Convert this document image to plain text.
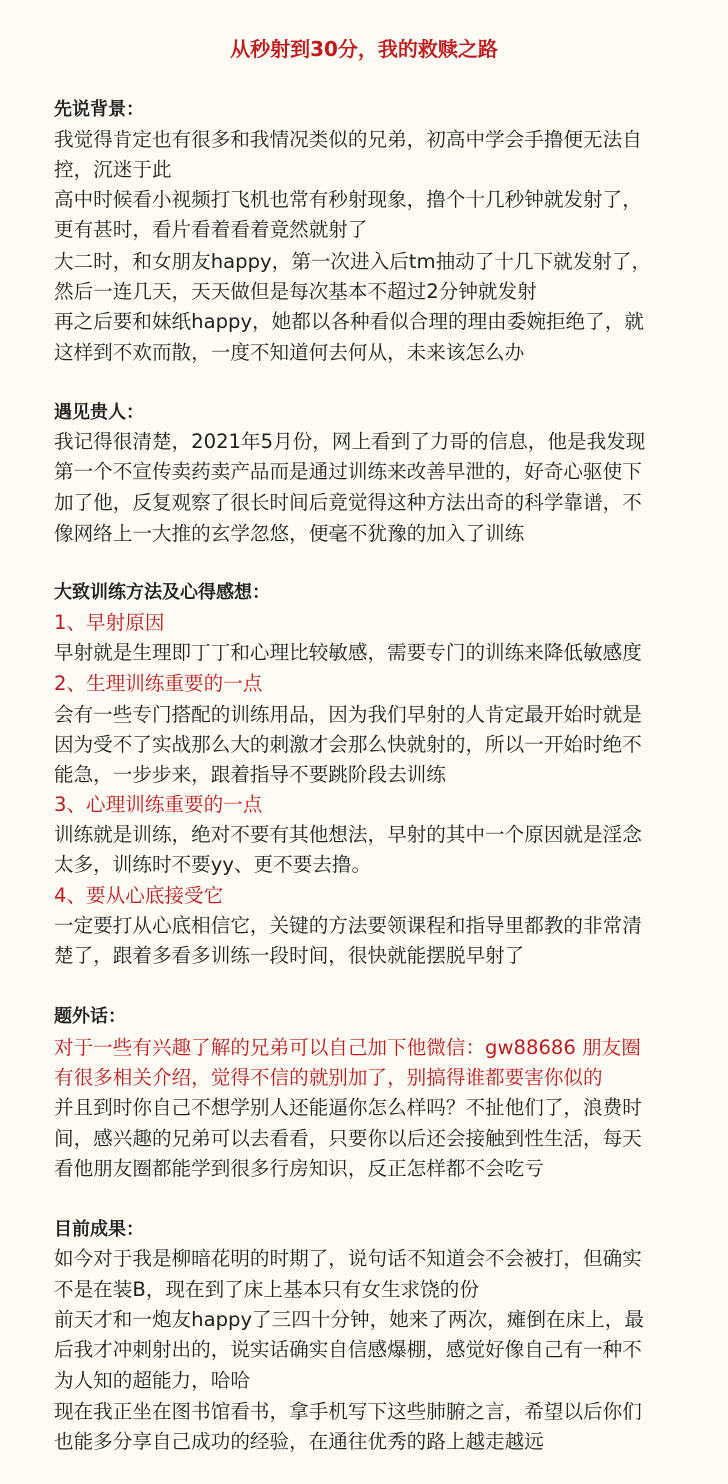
从秒射到30分，我的救赎之路
先说背景：
我觉得肯定也有很多和我情况类似的兄弟，初高中学会手撸便无法自
控，沉迷于此
高中时候看小视频打飞机也常有秒射现象，撸个十几秒钟就发射了，
更有甚时，看片看着看着竟然就射了
大二时，和女朋友happy，第一次进入后tm抽动了十几下就发射了，
然后一连几天，天天做但是每次基本不超过2分钟就发射
再之后要和妹纸happy，她都以各种看似合理的理由委婉拒绝了，就
这样到不欢而散，一度不知道何去何从，未来该怎么办
遇见贵人：
我记得很清楚，2021年5月份，网上看到了力哥的信息，他是我发现
第一个不宣传卖药卖产品而是通过训练来改善早泄的，好奇心驱使下
加了他，反复观察了很长时间后竟觉得这种方法出奇的科学靠谱，不
像网络上一大推的玄学忽悠，便毫不犹豫的加入了训练
大致训练方法及心得感想：
1、早射原因
早射就是生理即丁丁和心理比较敏感，需要专门的训练来降低敏感度
2、生理训练重要的一点
会有一些专门搭配的训练用品，因为我们早射的人肯定最开始时就是
因为受不了实战那么大的刺激才会那么快就射的，所以一开始时绝不
能急，一步步来，跟着指导不要跳阶段去训练
3、心理训练重要的一点
训练就是训练，绝对不要有其他想法，早射的其中一个原因就是淫念
太多，训练时不要yy、更不要去撸。
4、要从心底接受它
一定要打从心底相信它，关键的方法要领课程和指导里都教的非常清
楚了，跟着多看多训练一段时间，很快就能摆脱早射了
题外话：
对于一些有兴趣了解的兄弟可以自己加下他微信：gw88686 朋友圈
有很多相关介绍，觉得不信的就别加了，别搞得谁都要害你似的
并且到时你自己不想学别人还能逼你怎么样吗？不扯他们了，浪费时
间，感兴趣的兄弟可以去看看，只要你以后还会接触到性生活，每天
看他朋友圈都能学到很多行房知识，反正怎样都不会吃亏
目前成果：
如今对于我是柳暗花明的时期了，说句话不知道会不会被打，但确实
不是在装B，现在到了床上基本只有女生求饶的份
前天才和一炮友happy了三四十分钟，她来了两次，瘫倒在床上，最
后我才冲刺射出的，说实话确实自信感爆棚，感觉好像自己有一种不
为人知的超能力，哈哈
现在我正坐在图书馆看书，拿手机写下这些肺腑之言，希望以后你们
也能多分享自己成功的经验，在通往优秀的路上越走越远
